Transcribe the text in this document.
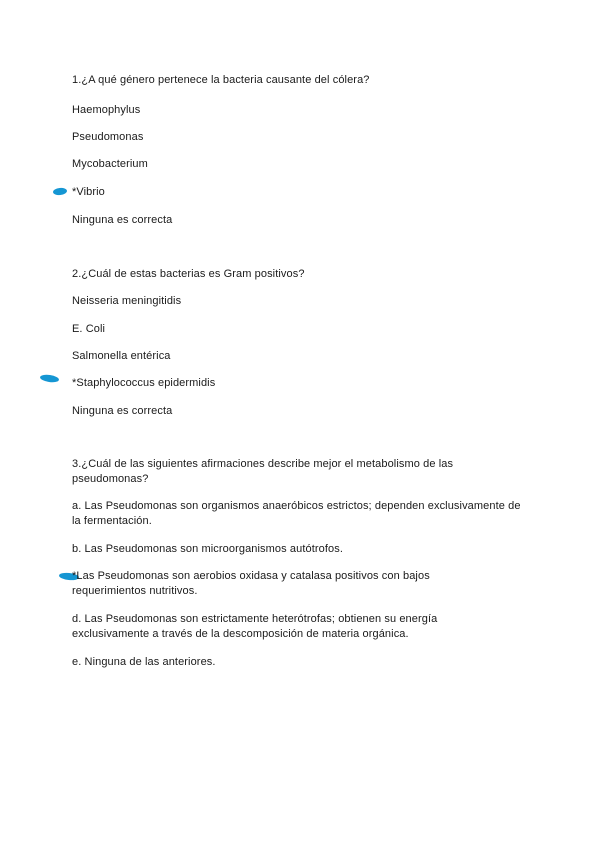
1.¿A qué género pertenece la bacteria causante del cólera?
Haemophylus
Pseudomonas
Mycobacterium
*Vibrio
Ninguna es correcta
2.¿Cuál de estas bacterias es Gram positivos?
Neisseria meningitidis
E. Coli
Salmonella entérica
*Staphylococcus epidermidis
Ninguna es correcta
3.¿Cuál de las siguientes afirmaciones describe mejor el metabolismo de las pseudomonas?
a. Las Pseudomonas son organismos anaeróbicos estrictos; dependen exclusivamente de la fermentación.
b. Las Pseudomonas son microorganismos autótrofos.
*Las Pseudomonas son aerobios oxidasa y catalasa positivos con bajos requerimientos nutritivos.
d. Las Pseudomonas son estrictamente heterótrofas; obtienen su energía exclusivamente a través de la descomposición de materia orgánica.
e. Ninguna de las anteriores.
